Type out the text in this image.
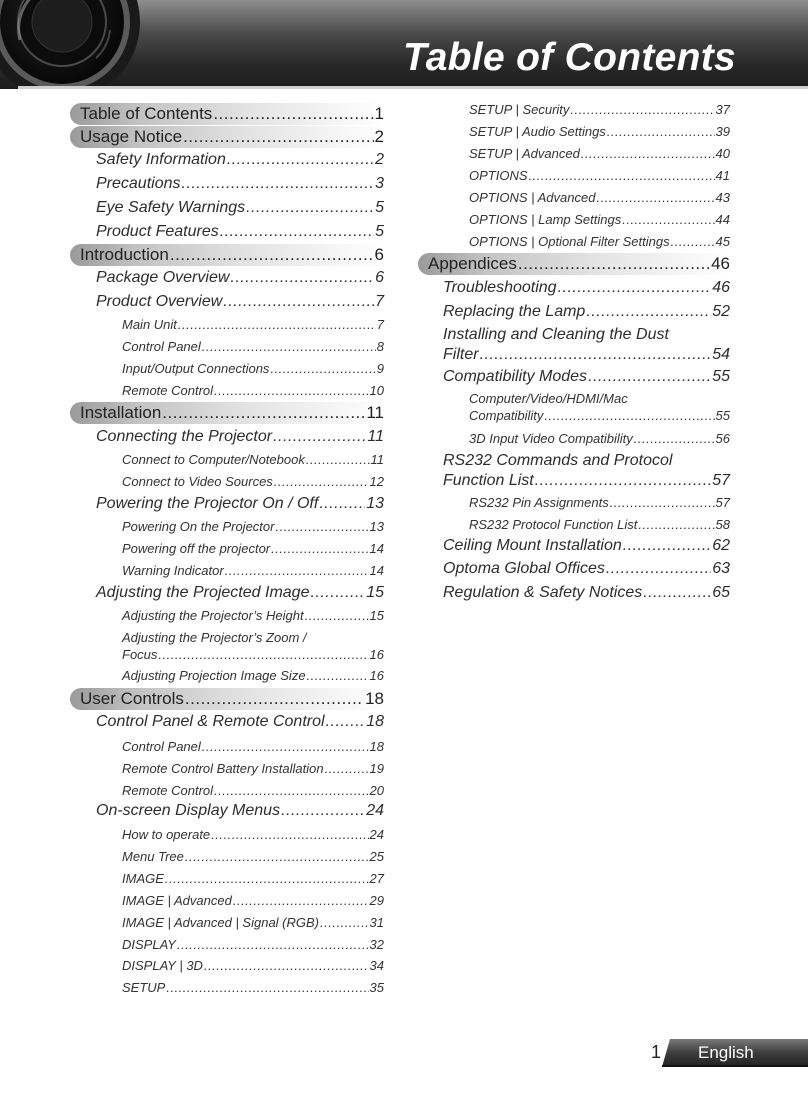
Table of Contents
Table of Contents .....	1
Usage Notice .....	2
Safety Information .....	2
Precautions .....	3
Eye Safety Warnings .....	5
Product Features .....	5
Introduction .....	6
Package Overview .....	6
Product Overview .....	7
Main Unit .....	7
Control Panel .....	8
Input/Output Connections .....	9
Remote Control .....	10
Installation .....	11
Connecting the Projector .....	11
Connect to Computer/Notebook .....	11
Connect to Video Sources .....	12
Powering the Projector On / Off .....	13
Powering On the Projector .....	13
Powering off the projector .....	14
Warning Indicator .....	14
Adjusting the Projected Image .....	15
Adjusting the Projector’s Height .....	15
Adjusting the Projector’s Zoom /
Focus .....	16
Adjusting Projection Image Size .....	16
User Controls .....	18
Control Panel & Remote Control .....	18
Control Panel .....	18
Remote Control Battery Installation .....	19
Remote Control .....	20
On-screen Display Menus .....	24
How to operate .....	24
Menu Tree .....	25
IMAGE .....	27
IMAGE | Advanced .....	29
IMAGE | Advanced | Signal (RGB) .....	31
DISPLAY .....	32
DISPLAY | 3D .....	34
SETUP .....	35
SETUP | Security .....	37
SETUP | Audio Settings .....	39
SETUP | Advanced .....	40
OPTIONS .....	41
OPTIONS | Advanced .....	43
OPTIONS | Lamp Settings .....	44
OPTIONS | Optional Filter Settings .....	45
Appendices .....	46
Troubleshooting .....	46
Replacing the Lamp .....	52
Installing and Cleaning the Dust
Filter .....	54
Compatibility Modes .....	55
Computer/Video/HDMI/Mac
Compatibility .....	55
3D Input Video Compatibility .....	56
RS232 Commands and Protocol
Function List .....	57
RS232 Pin Assignments .....	57
RS232 Protocol Function List .....	58
Ceiling Mount Installation .....	62
Optoma Global Offices .....	63
Regulation & Safety Notices .....	65
1 English
